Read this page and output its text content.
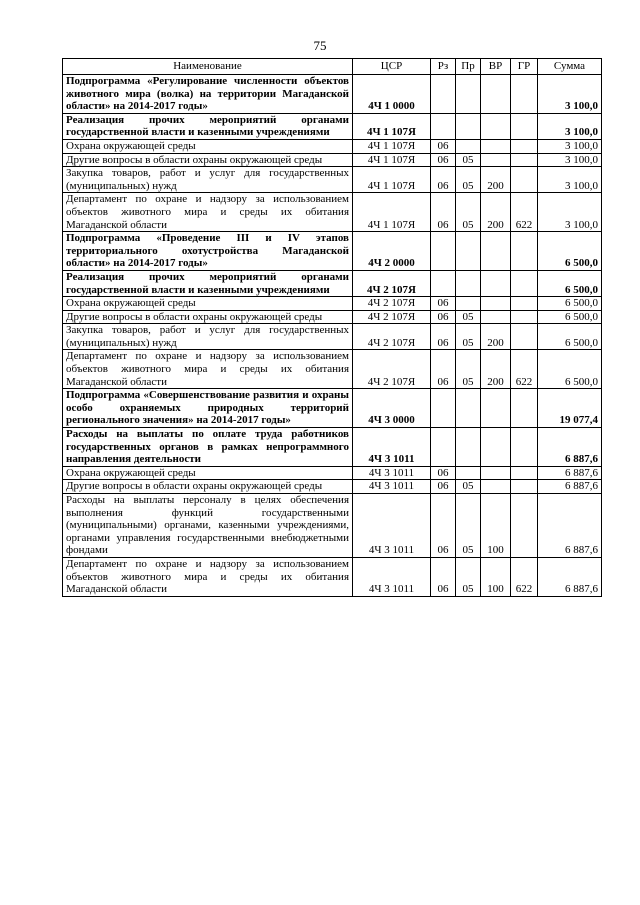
75
Наименование	ЦСР	Рз	Пр	ВР	ГР	Сумма
Подпрограмма «Регулирование численности объектов животного мира (волка) на территории Магаданской области» на 2014-2017 годы»	4Ч 1 0000					3 100,0
Реализация прочих мероприятий органами государственной власти и казенными учреждениями	4Ч 1 107Я					3 100,0
Охрана окружающей среды	4Ч 1 107Я	06				3 100,0
Другие вопросы в области охраны окружающей среды	4Ч 1 107Я	06	05			3 100,0
Закупка товаров, работ и услуг для государственных (муниципальных) нужд	4Ч 1 107Я	06	05	200		3 100,0
Департамент по охране и надзору за использованием объектов животного мира и среды их обитания Магаданской области	4Ч 1 107Я	06	05	200	622	3 100,0
Подпрограмма «Проведение III и IV этапов территориального охотустройства Магаданской области» на 2014-2017 годы»	4Ч 2 0000					6 500,0
Реализация прочих мероприятий органами государственной власти и казенными учреждениями	4Ч 2 107Я					6 500,0
Охрана окружающей среды	4Ч 2 107Я	06				6 500,0
Другие вопросы в области охраны окружающей среды	4Ч 2 107Я	06	05			6 500,0
Закупка товаров, работ и услуг для государственных (муниципальных) нужд	4Ч 2 107Я	06	05	200		6 500,0
Департамент по охране и надзору за использованием объектов животного мира и среды их обитания Магаданской области	4Ч 2 107Я	06	05	200	622	6 500,0
Подпрограмма «Совершенствование развития и охраны особо охраняемых природных территорий регионального значения» на 2014-2017 годы»	4Ч 3 0000					19 077,4
Расходы на выплаты по оплате труда работников государственных органов в рамках непрограммного направления деятельности	4Ч 3 1011					6 887,6
Охрана окружающей среды	4Ч 3 1011	06				6 887,6
Другие вопросы в области охраны окружающей среды	4Ч 3 1011	06	05			6 887,6
Расходы на выплаты персоналу в целях обеспечения выполнения функций государственными (муниципальными) органами, казенными учреждениями, органами управления государственными внебюджетными фондами	4Ч 3 1011	06	05	100		6 887,6
Департамент по охране и надзору за использованием объектов животного мира и среды их обитания Магаданской области	4Ч 3 1011	06	05	100	622	6 887,6
